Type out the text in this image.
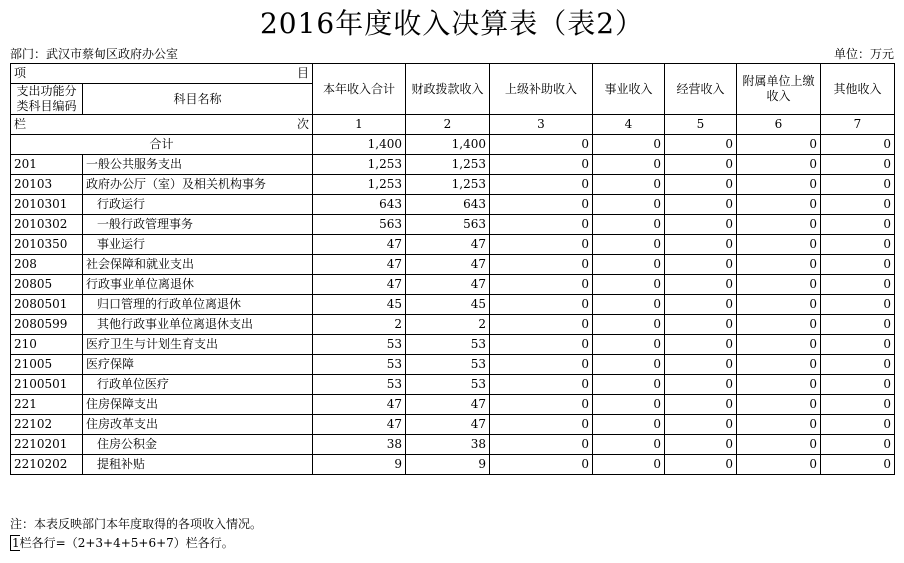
2016年度收入决算表（表2）
部门：武汉市蔡甸区政府办公室	单位：万元
项 目		本年收入合计	财政拨款收入	上级补助收入	事业收入	经营收入	附属单位上缴收入	其他收入
支出功能分类科目编码	科目名称							

栏 次		1	2	3	4	5	6	7
合计		1,400	1,400	0	0	0	0	0
201	一般公共服务支出	1,253	1,253	0	0	0	0	0
20103	政府办公厅（室）及相关机构事务	1,253	1,253	0	0	0	0	0
2010301	行政运行	643	643	0	0	0	0	0
2010302	一般行政管理事务	563	563	0	0	0	0	0
2010350	事业运行	47	47	0	0	0	0	0
208	社会保障和就业支出	47	47	0	0	0	0	0
20805	行政事业单位离退休	47	47	0	0	0	0	0
2080501	归口管理的行政单位离退休	45	45	0	0	0	0	0
2080599	其他行政事业单位离退休支出	2	2	0	0	0	0	0
210	医疗卫生与计划生育支出	53	53	0	0	0	0	0
21005	医疗保障	53	53	0	0	0	0	0
2100501	行政单位医疗	53	53	0	0	0	0	0
221	住房保障支出	47	47	0	0	0	0	0
22102	住房改革支出	47	47	0	0	0	0	0
2210201	住房公积金	38	38	0	0	0	0	0
2210202	提租补贴	9	9	0	0	0	0	0
注：本表反映部门本年度取得的各项收入情况。
1栏各行=（2+3+4+5+6+7）栏各行。
